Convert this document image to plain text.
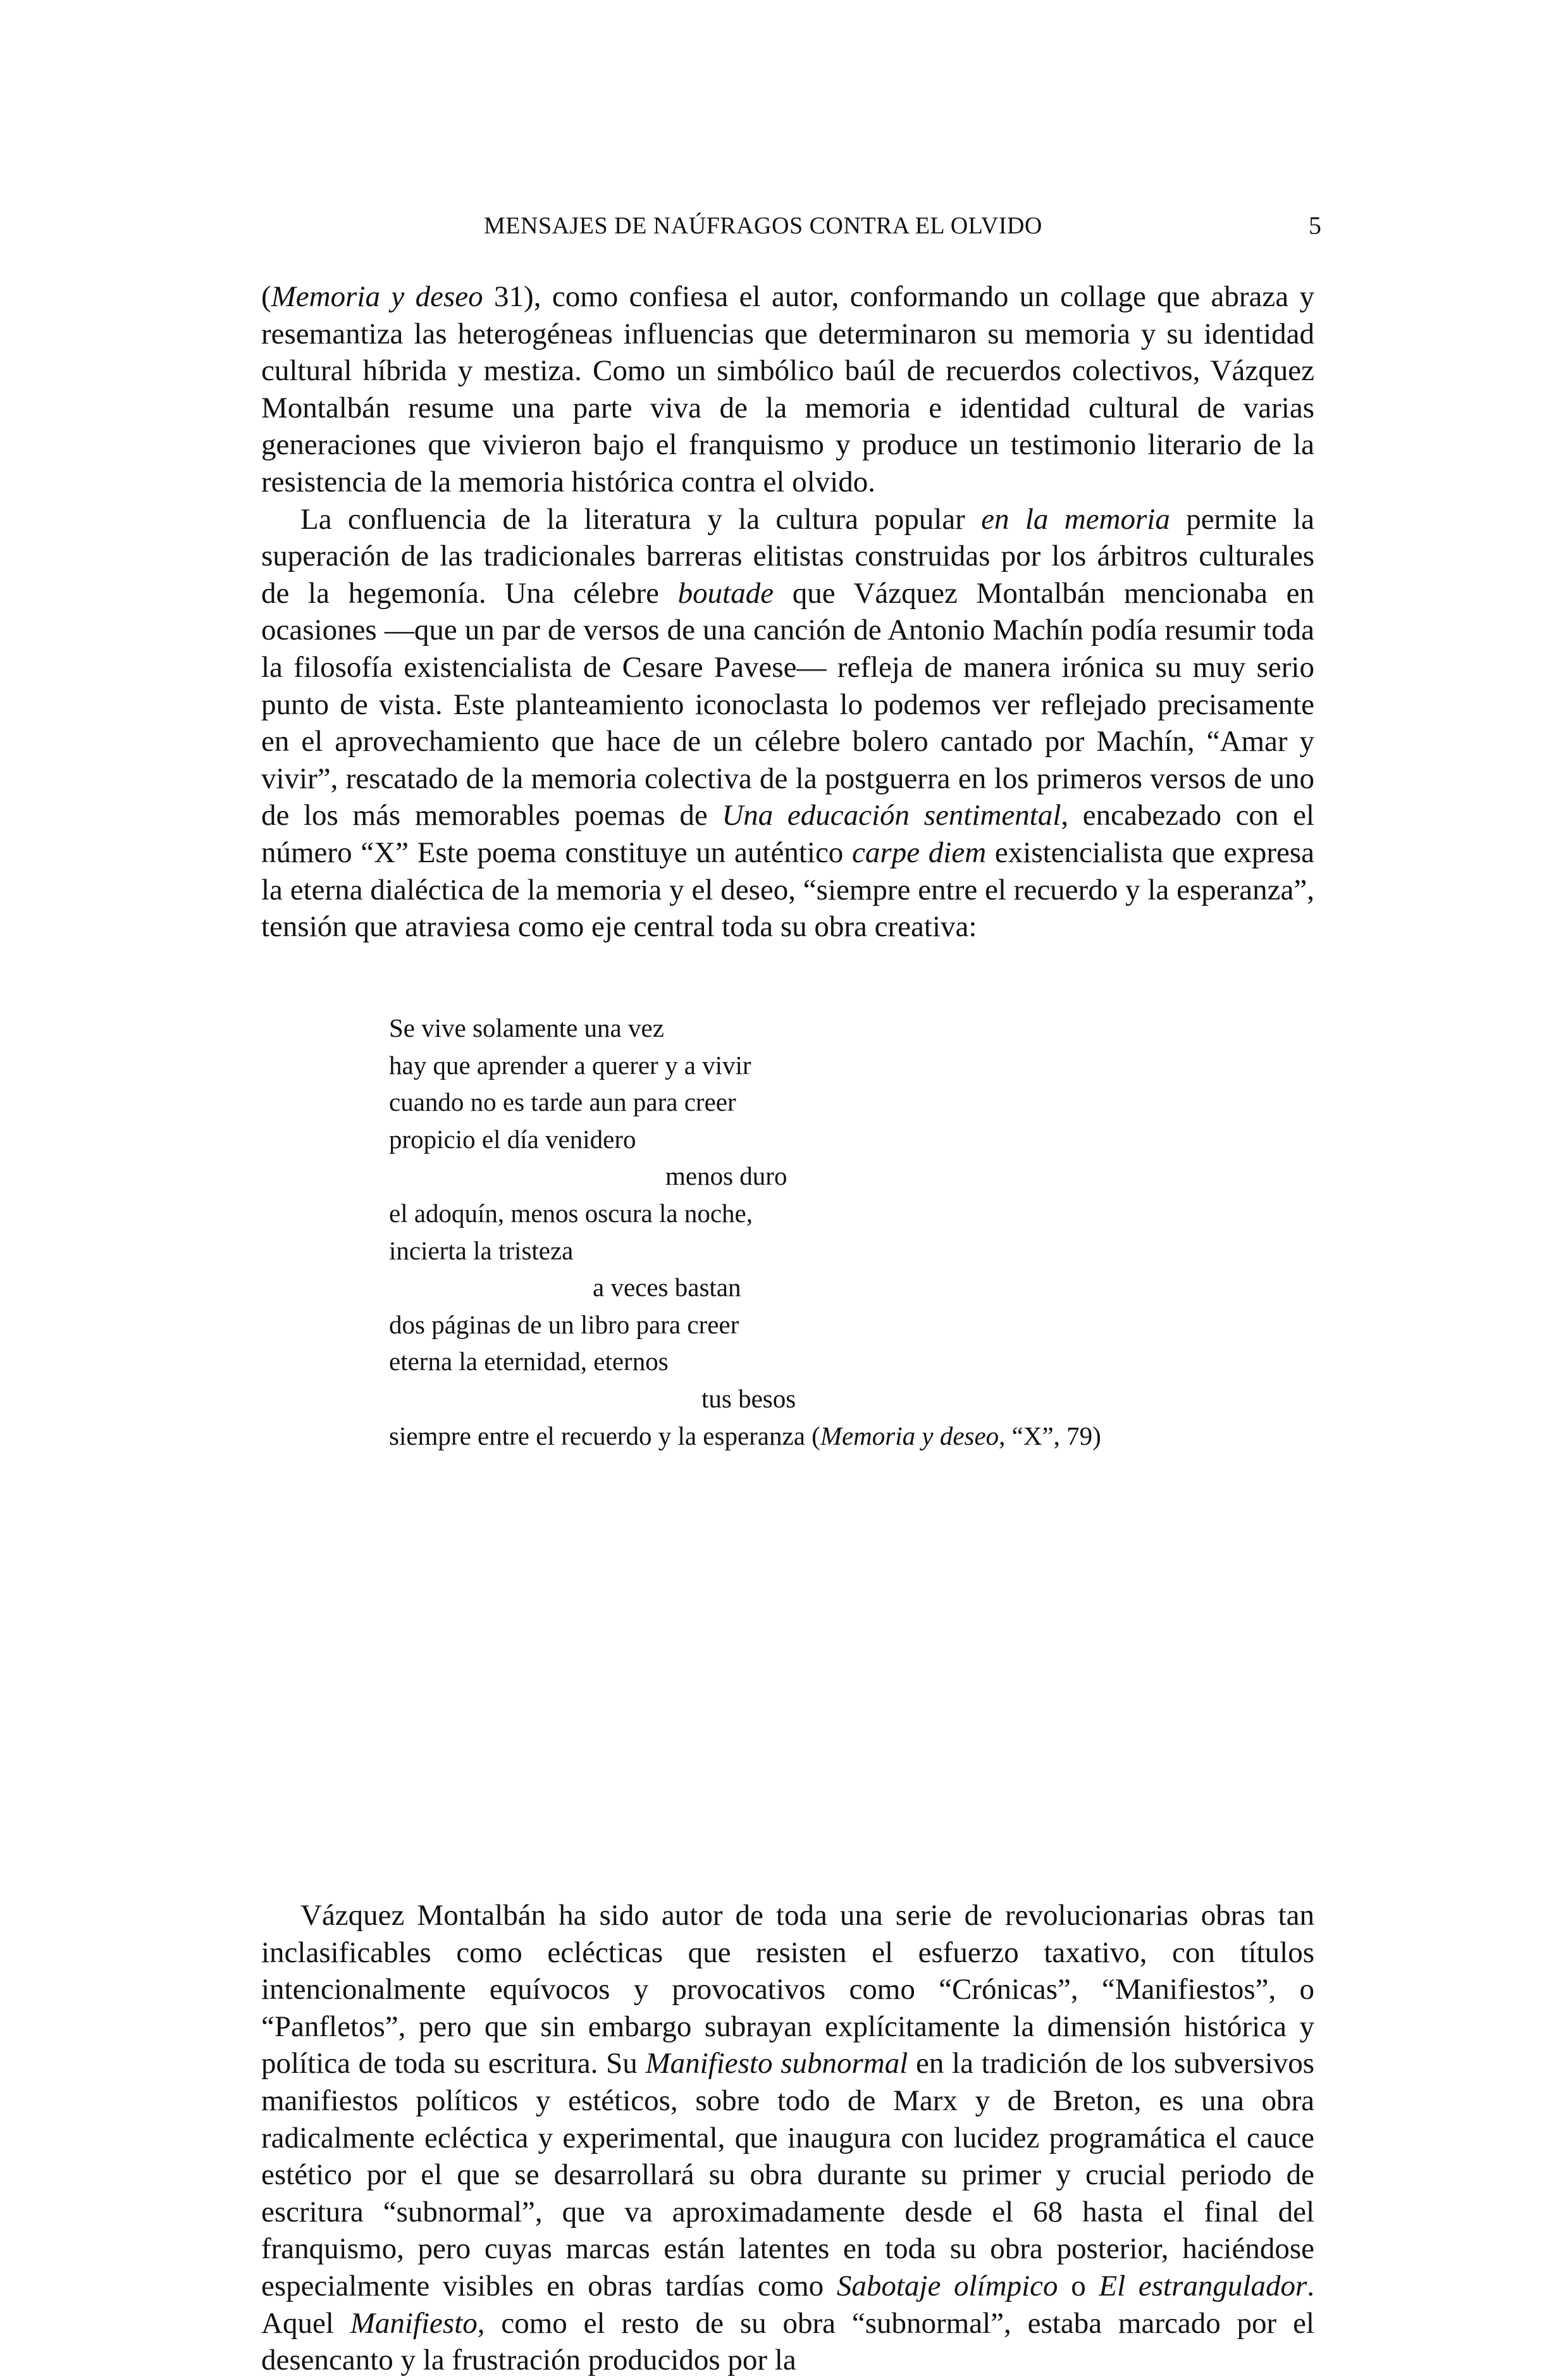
MENSAJES DE NAÚFRAGOS CONTRA EL OLVIDO	5

(Memoria y deseo 31), como confiesa el autor, conformando un collage que abraza y resemantiza las heterogéneas influencias que determinaron su memoria y su identidad cultural híbrida y mestiza. Como un simbólico baúl de recuerdos colectivos, Vázquez Montalbán resume una parte viva de la memoria e identidad cultural de varias generaciones que vivieron bajo el franquismo y produce un testimonio literario de la resistencia de la memoria histórica contra el olvido.

La confluencia de la literatura y la cultura popular en la memoria permite la superación de las tradicionales barreras elitistas construidas por los árbitros culturales de la hegemonía. Una célebre boutade que Vázquez Montalbán mencionaba en ocasiones —que un par de versos de una canción de Antonio Machín podía resumir toda la filosofía existencialista de Cesare Pavese— refleja de manera irónica su muy serio punto de vista. Este planteamiento iconoclasta lo podemos ver reflejado precisamente en el aprovechamiento que hace de un célebre bolero cantado por Machín, “Amar y vivir”, rescatado de la memoria colectiva de la postguerra en los primeros versos de uno de los más memorables poemas de Una educación sentimental, encabezado con el número “X” Este poema constituye un auténtico carpe diem existencialista que expresa la eterna dialéctica de la memoria y el deseo, “siempre entre el recuerdo y la esperanza”, tensión que atraviesa como eje central toda su obra creativa:

Se vive solamente una vez
hay que aprender a querer y a vivir
cuando no es tarde aun para creer
propicio el día venidero
menos duro
el adoquín, menos oscura la noche,
incierta la tristeza
a veces bastan
dos páginas de un libro para creer
eterna la eternidad, eternos
tus besos
siempre entre el recuerdo y la esperanza (Memoria y deseo, “X”, 79)

Vázquez Montalbán ha sido autor de toda una serie de revolucionarias obras tan inclasificables como eclécticas que resisten el esfuerzo taxativo, con títulos intencionalmente equívocos y provocativos como “Crónicas”, “Manifiestos”, o “Panfletos”, pero que sin embargo subrayan explícitamente la dimensión histórica y política de toda su escritura. Su Manifiesto subnormal en la tradición de los subversivos manifiestos políticos y estéticos, sobre todo de Marx y de Breton, es una obra radicalmente ecléctica y experimental, que inaugura con lucidez programática el cauce estético por el que se desarrollará su obra durante su primer y crucial periodo de escritura “subnormal”, que va aproximadamente desde el 68 hasta el final del franquismo, pero cuyas marcas están latentes en toda su obra posterior, haciéndose especialmente visibles en obras tardías como Sabotaje olímpico o El estrangulador. Aquel Manifiesto, como el resto de su obra “subnormal”, estaba marcado por el desencanto y la frustración producidos por la
